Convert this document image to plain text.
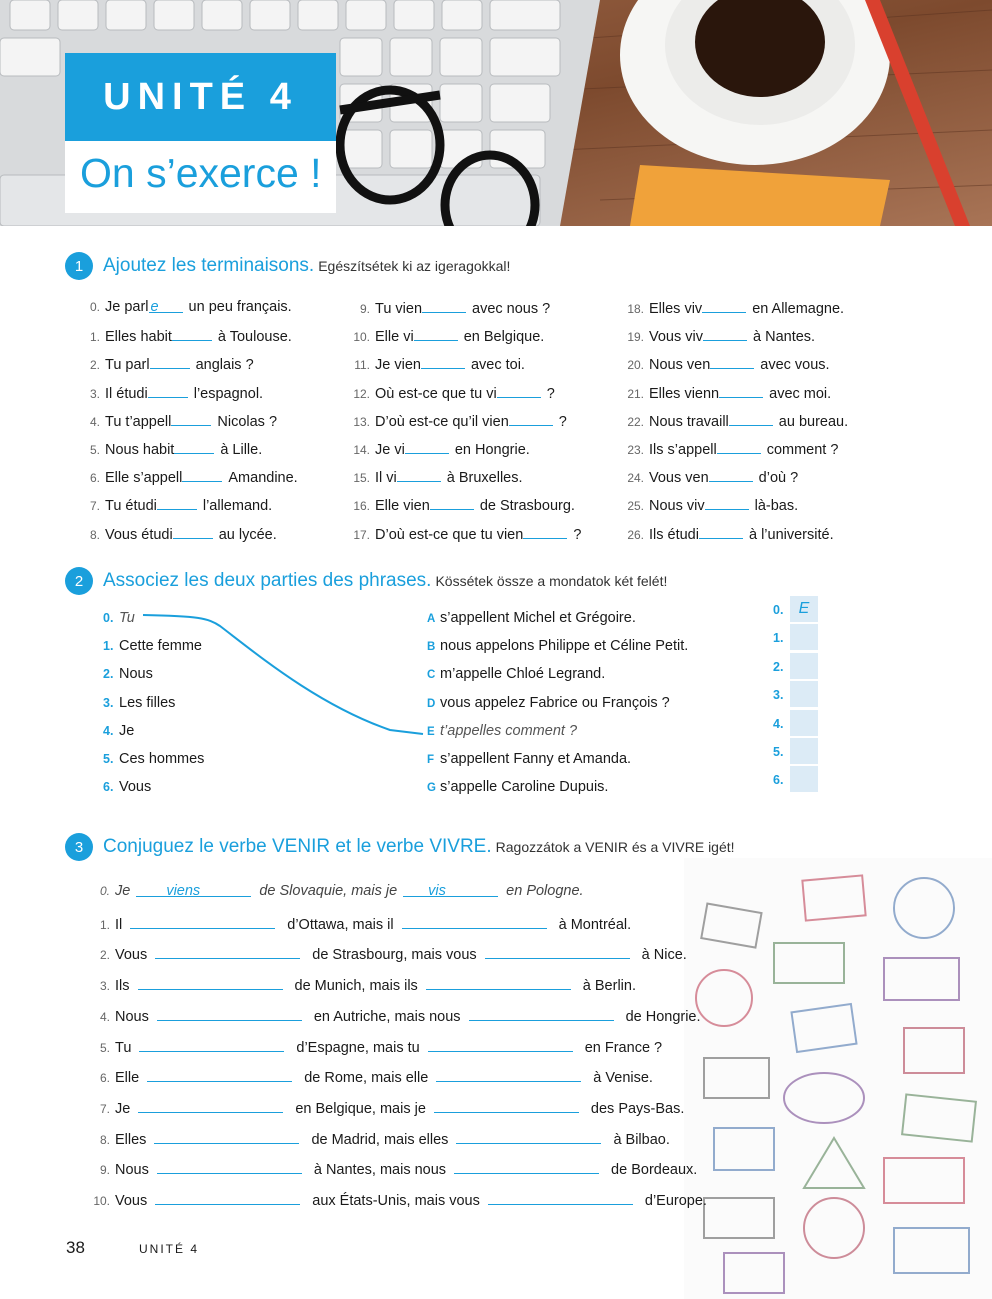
UNITÉ 4
On s’exerce !
1	Ajoutez les terminaisons. Egészítsétek ki az igeragokkal!
0. Je parl e un peu français.
1. Elles habit	à Toulouse.
2. Tu parl	anglais ?
3. Il étudi	l’espagnol.
4. Tu t’appell	Nicolas ?
5. Nous habit	à Lille.
6. Elle s’appell	Amandine.
7. Tu étudi	l’allemand.
8. Vous étudi	au lycée.
9. Tu vien	avec nous ?
10. Elle vi	en Belgique.
11. Je vien	avec toi.
12. Où est-ce que tu vi	?
13. D’où est-ce qu’il vien	?
14. Je vi	en Hongrie.
15. Il vi	à Bruxelles.
16. Elle vien	de Strasbourg.
17. D’où est-ce que tu vien	?
18. Elles viv	en Allemagne.
19. Vous viv	à Nantes.
20. Nous ven	avec vous.
21. Elles vienn	avec moi.
22. Nous travaill	au bureau.
23. Ils s’appell	comment ?
24. Vous ven	d’où ?
25. Nous viv	là-bas.
26. Ils étudi	à l’université.
2	Associez les deux parties des phrases. Kössétek össze a mondatok két felét!
0. Tu
1. Cette femme
2. Nous
3. Les filles
4. Je
5. Ces hommes
6. Vous
A s’appellent Michel et Grégoire.
B nous appelons Philippe et Céline Petit.
C m’appelle Chloé Legrand.
D vous appelez Fabrice ou François ?
E t’appelles comment ?
F s’appellent Fanny et Amanda.
G s’appelle Caroline Dupuis.
0. E
1.
2.
3.
4.
5.
6.
3	Conjuguez le verbe VENIR et le verbe VIVRE. Ragozzátok a VENIR és a VIVRE igét!
0. Je viens	de Slovaquie, mais je vis	en Pologne.
1. Il	d’Ottawa, mais il	à Montréal.
2. Vous	de Strasbourg, mais vous	à Nice.
3. Ils	de Munich, mais ils	à Berlin.
4. Nous	en Autriche, mais nous	de Hongrie.
5. Tu	d’Espagne, mais tu	en France ?
6. Elle	de Rome, mais elle	à Venise.
7. Je	en Belgique, mais je	des Pays-Bas.
8. Elles	de Madrid, mais elles	à Bilbao.
9. Nous	à Nantes, mais nous	de Bordeaux.
10. Vous	aux États-Unis, mais vous	d’Europe.
38	UNITÉ 4
